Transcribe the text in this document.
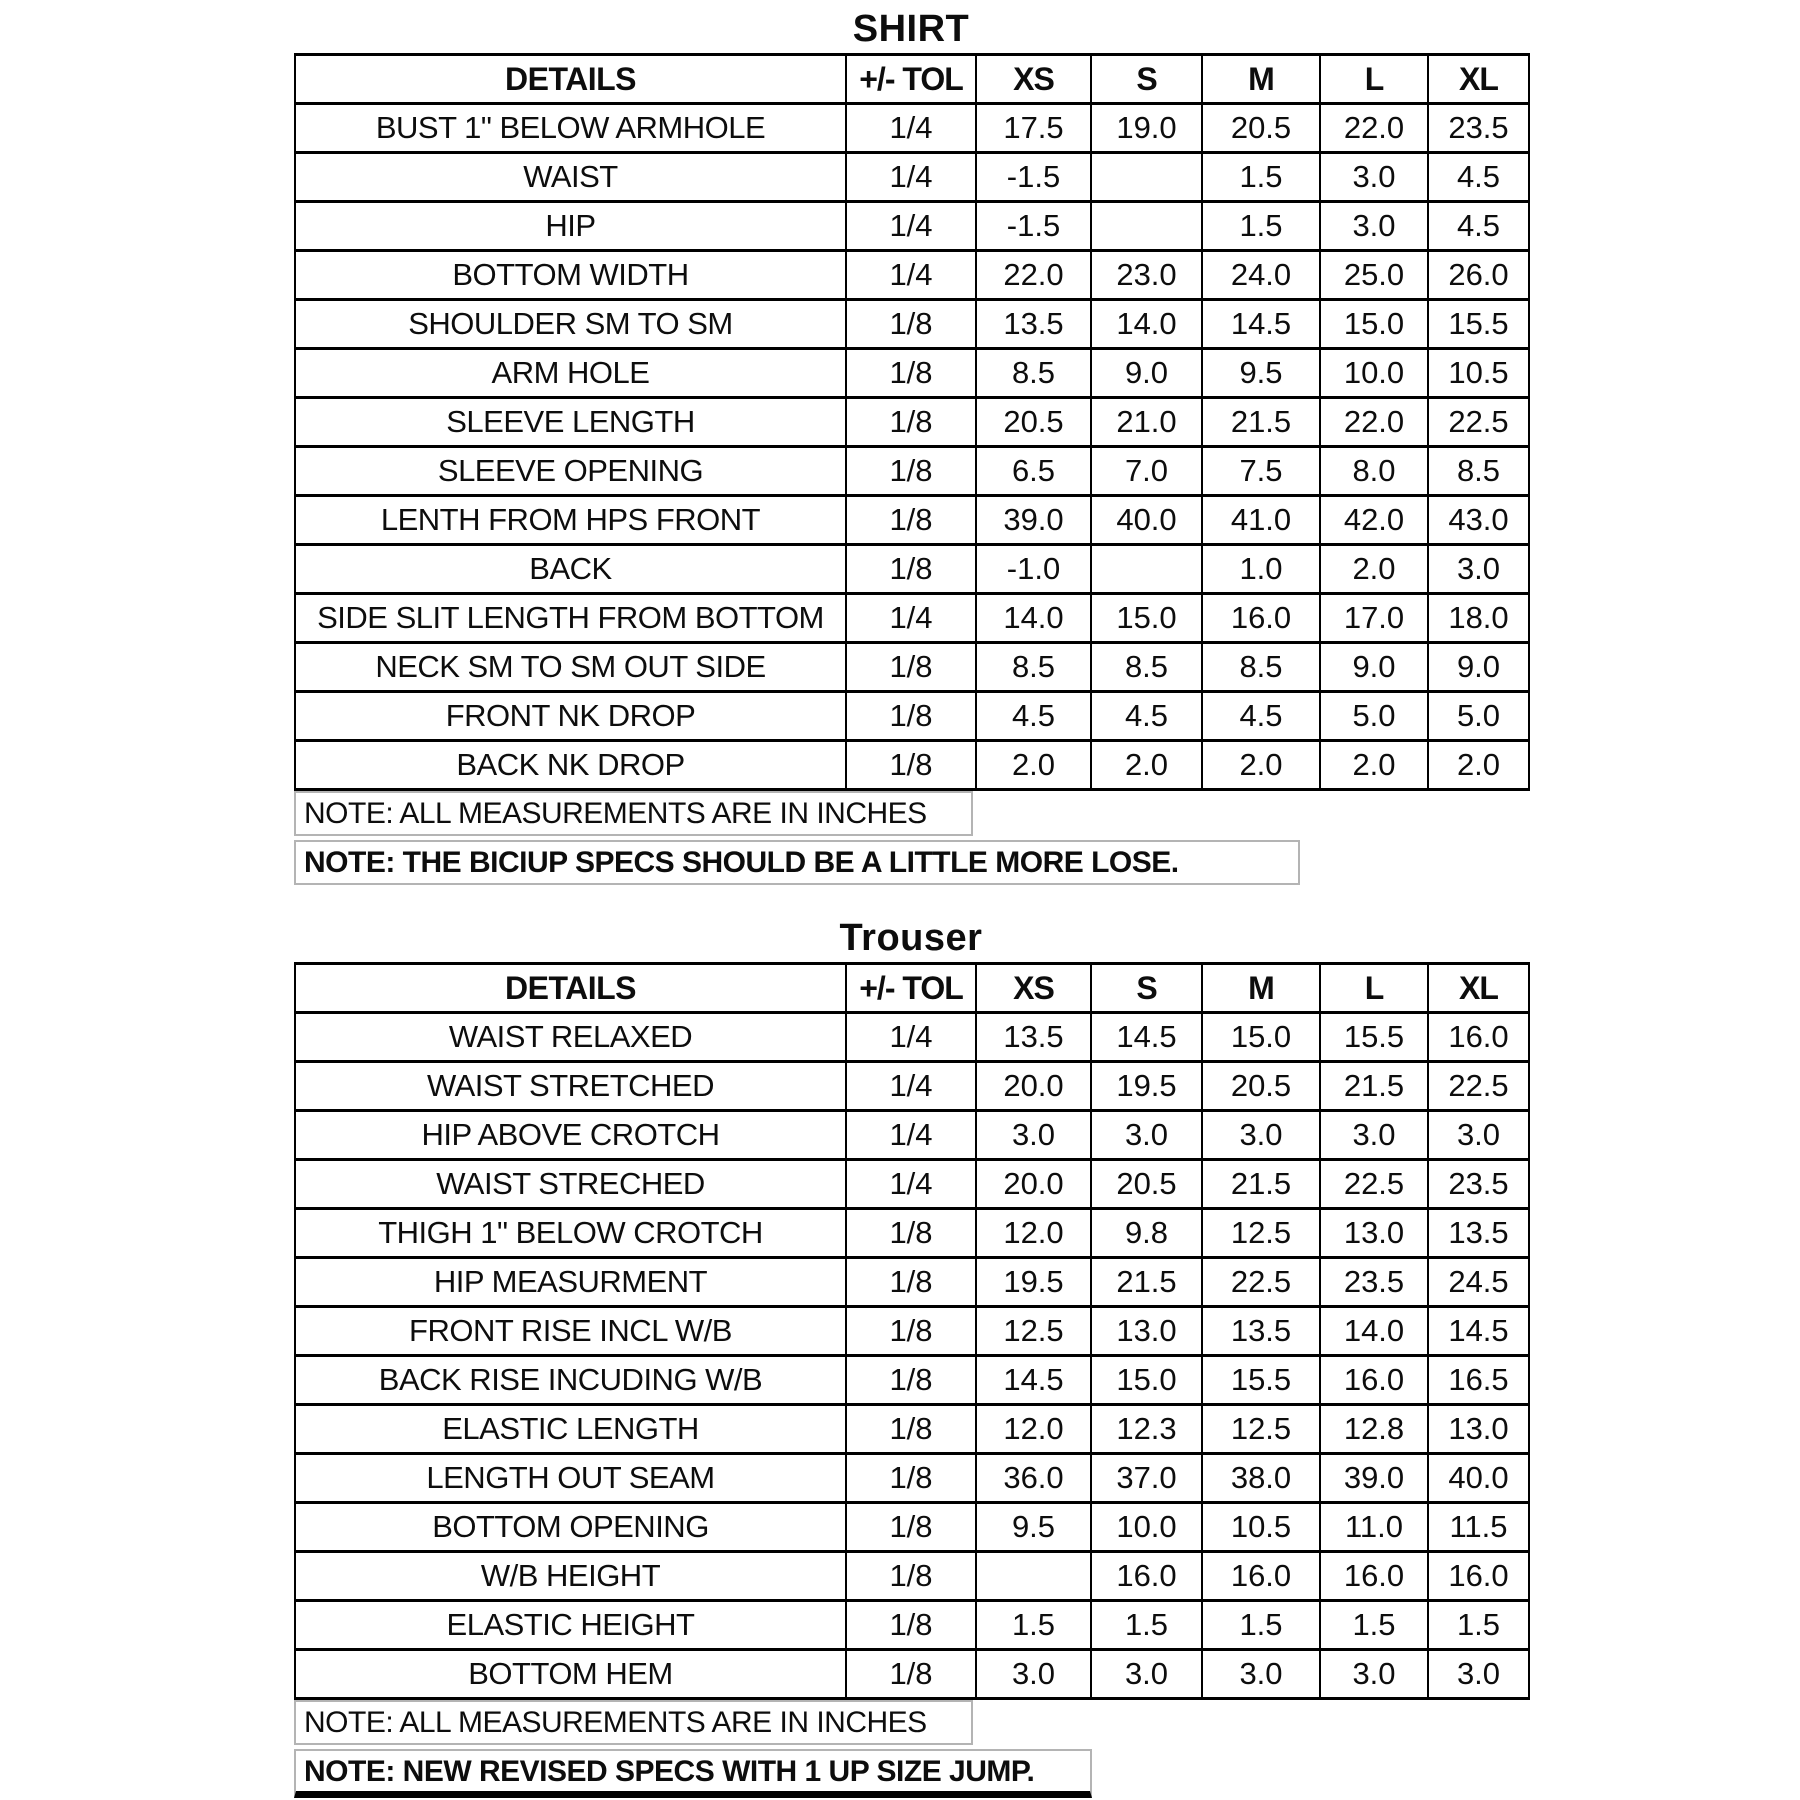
SHIRT
DETAILS	+/- TOL	XS	S	M	L	XL
BUST 1" BELOW ARMHOLE	1/4	17.5	19.0	20.5	22.0	23.5
WAIST	1/4	-1.5		1.5	3.0	4.5
HIP	1/4	-1.5		1.5	3.0	4.5
BOTTOM WIDTH	1/4	22.0	23.0	24.0	25.0	26.0
SHOULDER SM TO SM	1/8	13.5	14.0	14.5	15.0	15.5
ARM HOLE	1/8	8.5	9.0	9.5	10.0	10.5
SLEEVE LENGTH	1/8	20.5	21.0	21.5	22.0	22.5
SLEEVE OPENING	1/8	6.5	7.0	7.5	8.0	8.5
LENTH FROM HPS FRONT	1/8	39.0	40.0	41.0	42.0	43.0
BACK	1/8	-1.0		1.0	2.0	3.0
SIDE SLIT LENGTH FROM BOTTOM	1/4	14.0	15.0	16.0	17.0	18.0
NECK SM TO SM OUT SIDE	1/8	8.5	8.5	8.5	9.0	9.0
FRONT NK DROP	1/8	4.5	4.5	4.5	5.0	5.0
BACK NK DROP	1/8	2.0	2.0	2.0	2.0	2.0
NOTE: ALL MEASUREMENTS ARE IN INCHES
NOTE: THE BICIUP SPECS SHOULD BE A LITTLE MORE LOSE.
Trouser
DETAILS	+/- TOL	XS	S	M	L	XL
WAIST RELAXED	1/4	13.5	14.5	15.0	15.5	16.0
WAIST STRETCHED	1/4	20.0	19.5	20.5	21.5	22.5
HIP ABOVE CROTCH	1/4	3.0	3.0	3.0	3.0	3.0
WAIST STRECHED	1/4	20.0	20.5	21.5	22.5	23.5
THIGH 1" BELOW CROTCH	1/8	12.0	9.8	12.5	13.0	13.5
HIP MEASURMENT	1/8	19.5	21.5	22.5	23.5	24.5
FRONT RISE INCL W/B	1/8	12.5	13.0	13.5	14.0	14.5
BACK RISE INCUDING W/B	1/8	14.5	15.0	15.5	16.0	16.5
ELASTIC LENGTH	1/8	12.0	12.3	12.5	12.8	13.0
LENGTH OUT SEAM	1/8	36.0	37.0	38.0	39.0	40.0
BOTTOM OPENING	1/8	9.5	10.0	10.5	11.0	11.5
W/B HEIGHT	1/8		16.0	16.0	16.0	16.0
ELASTIC HEIGHT	1/8	1.5	1.5	1.5	1.5	1.5
BOTTOM HEM	1/8	3.0	3.0	3.0	3.0	3.0
NOTE: ALL MEASUREMENTS ARE IN INCHES
NOTE: NEW REVISED SPECS WITH 1 UP SIZE JUMP.
